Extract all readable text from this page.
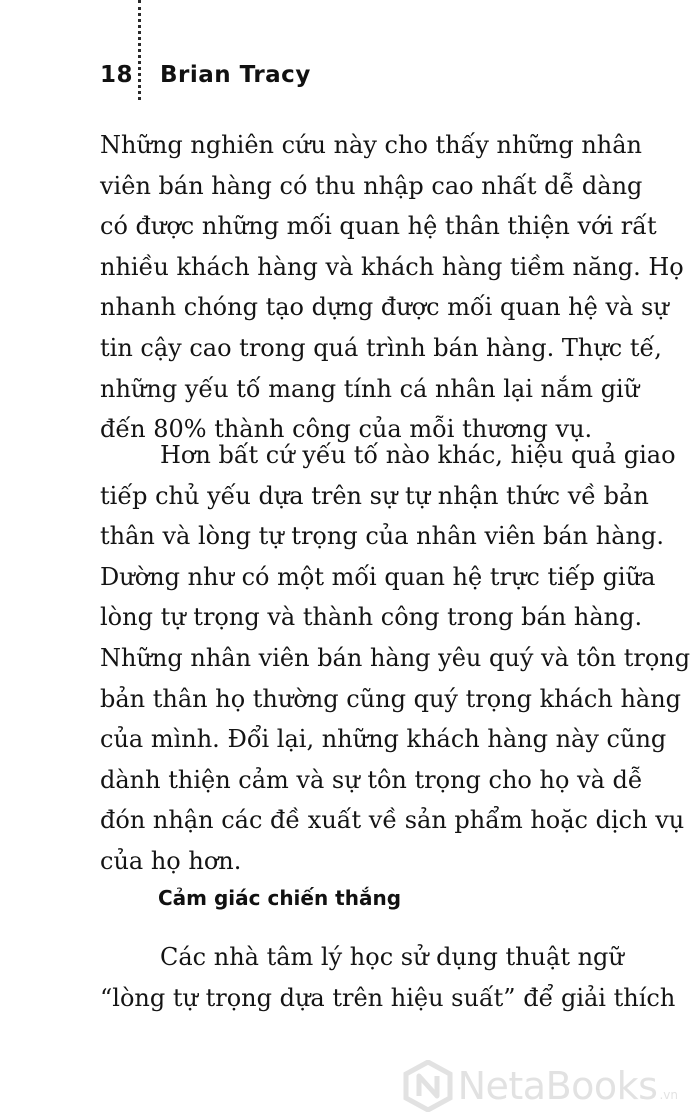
18 Brian Tracy
Những nghiên cứu này cho thấy những nhân
viên bán hàng có thu nhập cao nhất dễ dàng
có được những mối quan hệ thân thiện với rất
nhiều khách hàng và khách hàng tiềm năng. Họ
nhanh chóng tạo dựng được mối quan hệ và sự
tin cậy cao trong quá trình bán hàng. Thực tế,
những yếu tố mang tính cá nhân lại nắm giữ
đến 80% thành công của mỗi thương vụ.
Hơn bất cứ yếu tố nào khác, hiệu quả giao
tiếp chủ yếu dựa trên sự tự nhận thức về bản
thân và lòng tự trọng của nhân viên bán hàng.
Dường như có một mối quan hệ trực tiếp giữa
lòng tự trọng và thành công trong bán hàng.
Những nhân viên bán hàng yêu quý và tôn trọng
bản thân họ thường cũng quý trọng khách hàng
của mình. Đổi lại, những khách hàng này cũng
dành thiện cảm và sự tôn trọng cho họ và dễ
đón nhận các đề xuất về sản phẩm hoặc dịch vụ
của họ hơn.
Cảm giác chiến thắng
Các nhà tâm lý học sử dụng thuật ngữ
“lòng tự trọng dựa trên hiệu suất” để giải thích
NetaBooks .vn
